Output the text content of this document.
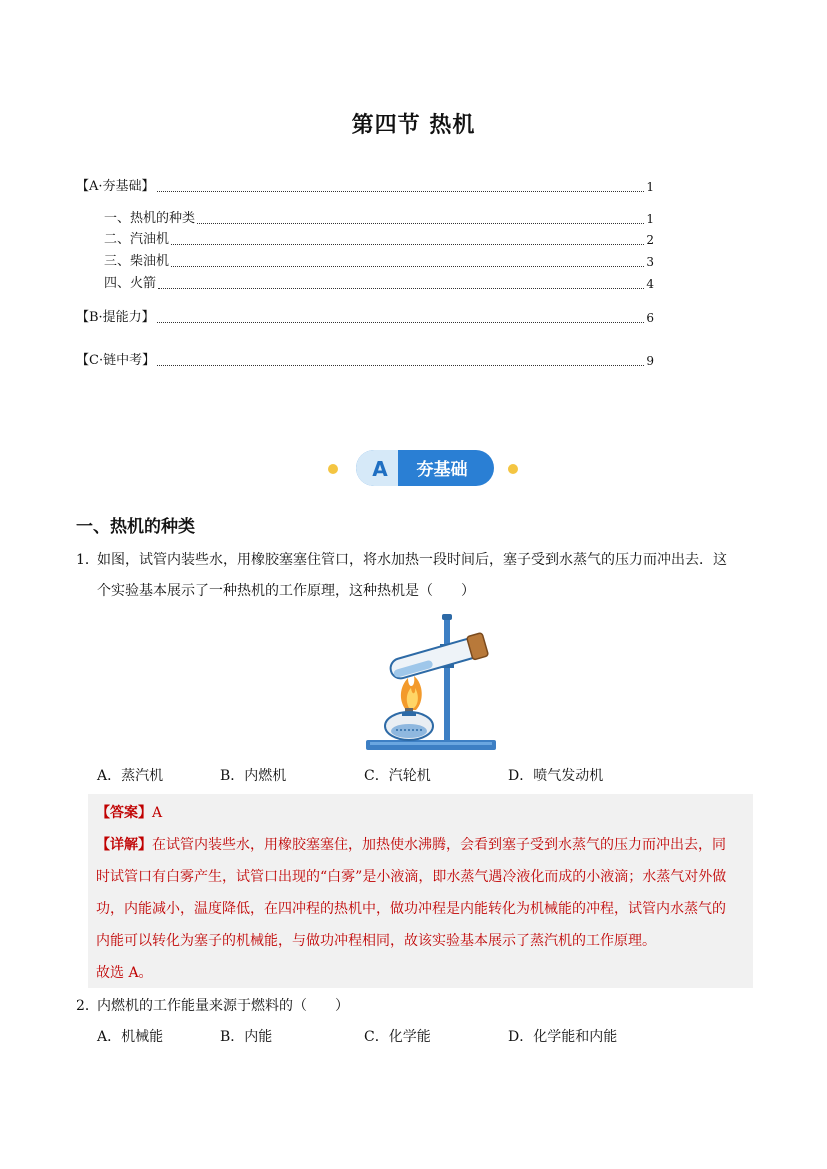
第四节 热机
【A·夯基础】	1
一、热机的种类	1
二、汽油机	2
三、柴油机	3
四、火箭	4
【B·提能力】	6
【C·链中考】	9
A 夯基础
一、热机的种类
1．
如图，试管内装些水，用橡胶塞塞住管口，将水加热一段时间后，塞子受到水蒸气的压力而冲出去．这
个实验基本展示了一种热机的工作原理，这种热机是（　　）
A．蒸汽机	B．内燃机	C．汽轮机	D．喷气发动机
【答案】A
【详解】在试管内装些水，用橡胶塞塞住，加热使水沸腾，会看到塞子受到水蒸气的压力而冲出去，同
时试管口有白雾产生，试管口出现的“白雾”是小液滴，即水蒸气遇冷液化而成的小液滴；水蒸气对外做
功，内能减小，温度降低，在四冲程的热机中，做功冲程是内能转化为机械能的冲程，试管内水蒸气的
内能可以转化为塞子的机械能，与做功冲程相同，故该实验基本展示了蒸汽机的工作原理。
故选 A。
2．
内燃机的工作能量来源于燃料的（　　）
A．机械能	B．内能	C．化学能	D．化学能和内能
